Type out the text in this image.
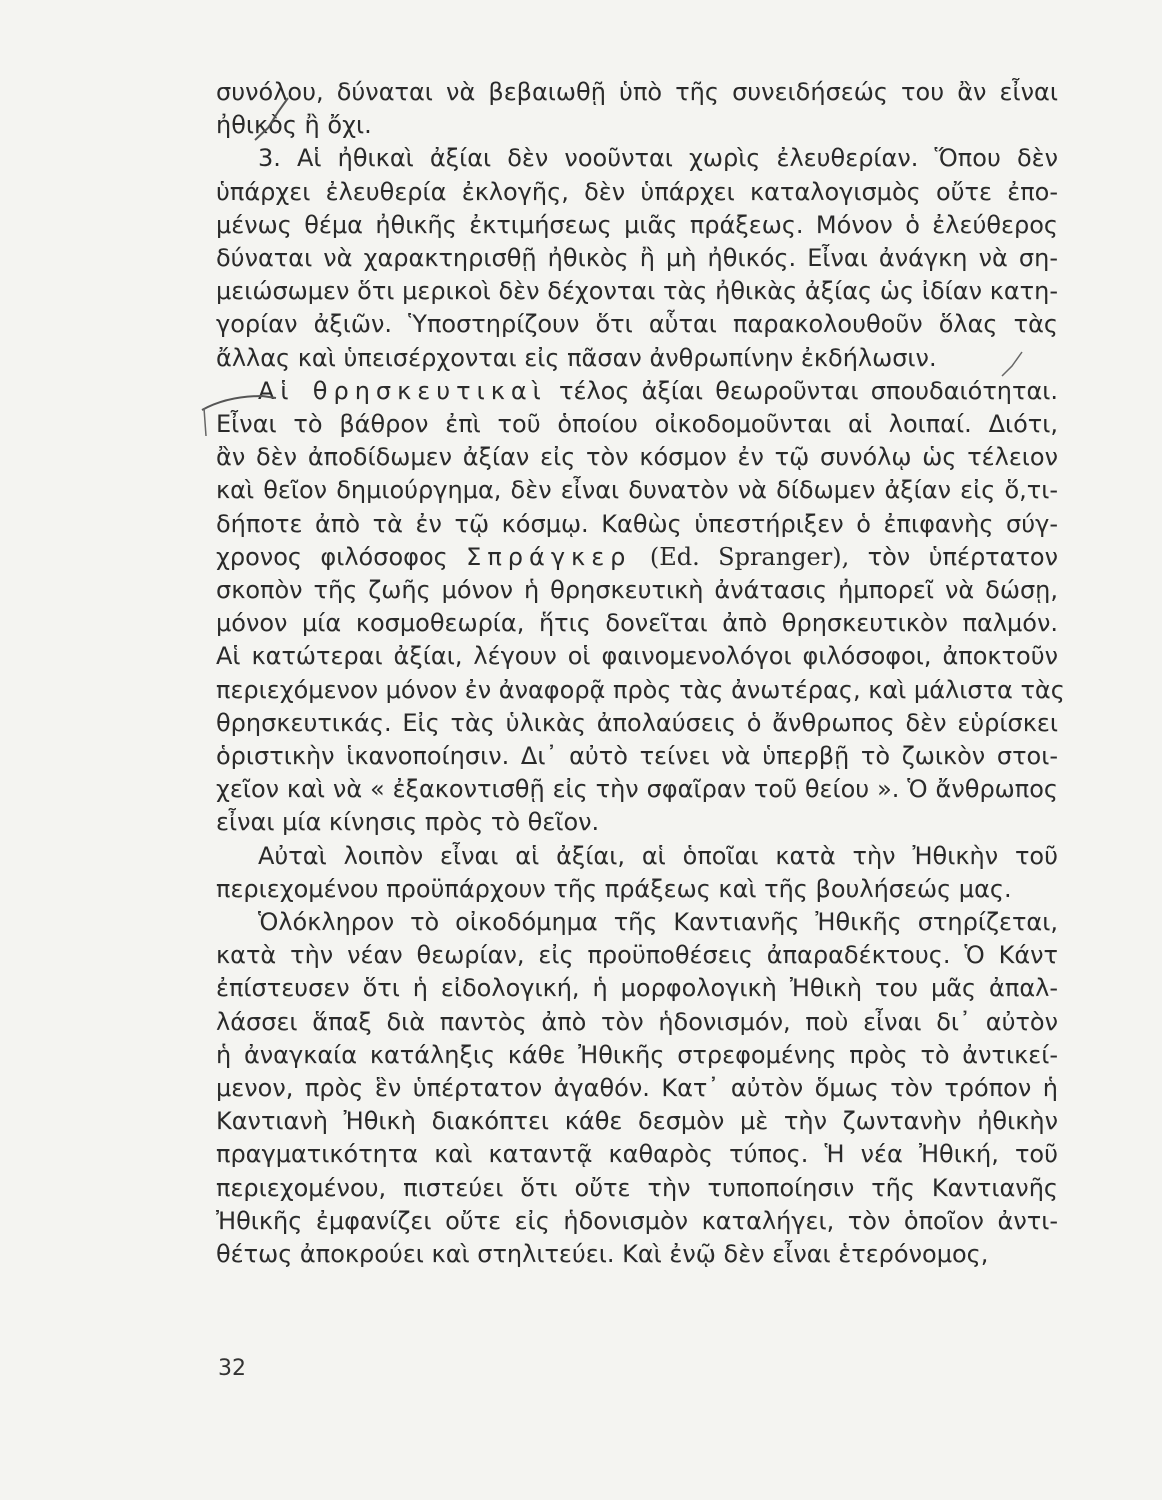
συνόλου, δύναται νὰ βεβαιωθῇ ὑπὸ τῆς συνειδήσεώς του ἂν εἶναι
ἠθικὸς ἢ ὄχι.
3. Αἱ ἠθικαὶ ἀξίαι δὲν νοοῦνται χωρὶς ἐλευθερίαν. Ὅπου δὲν
ὑπάρχει ἐλευθερία ἐκλογῆς, δὲν ὑπάρχει καταλογισμὸς οὔτε ἐπο-
μένως θέμα ἠθικῆς ἐκτιμήσεως μιᾶς πράξεως. Μόνον ὁ ἐλεύθερος
δύναται νὰ χαρακτηρισθῇ ἠθικὸς ἢ μὴ ἠθικός. Εἶναι ἀνάγκη νὰ ση-
μειώσωμεν ὅτι μερικοὶ δὲν δέχονται τὰς ἠθικὰς ἀξίας ὡς ἰδίαν κατη-
γορίαν ἀξιῶν. Ὑποστηρίζουν ὅτι αὗται παρακολουθοῦν ὅλας τὰς
ἄλλας καὶ ὑπεισέρχονται εἰς πᾶσαν ἀνθρωπίνην ἐκδήλωσιν.
Αἱ θρησκευτικαὶ τέλος ἀξίαι θεωροῦνται σπουδαιότηται.
Εἶναι τὸ βάθρον ἐπὶ τοῦ ὁποίου οἰκοδομοῦνται αἱ λοιπαί. Διότι,
ἂν δὲν ἀποδίδωμεν ἀξίαν εἰς τὸν κόσμον ἐν τῷ συνόλῳ ὡς τέλειον
καὶ θεῖον δημιούργημα, δὲν εἶναι δυνατὸν νὰ δίδωμεν ἀξίαν εἰς ὅ,τι-
δήποτε ἀπὸ τὰ ἐν τῷ κόσμῳ. Καθὼς ὑπεστήριξεν ὁ ἐπιφανὴς σύγ-
χρονος φιλόσοφος Σπράγκερ (Ed. Spranger), τὸν ὑπέρτατον
σκοπὸν τῆς ζωῆς μόνον ἡ θρησκευτικὴ ἀνάτασις ἠμπορεῖ νὰ δώσῃ,
μόνον μία κοσμοθεωρία, ἥτις δονεῖται ἀπὸ θρησκευτικὸν παλμόν.
Αἱ κατώτεραι ἀξίαι, λέγουν οἱ φαινομενολόγοι φιλόσοφοι, ἀποκτοῦν
περιεχόμενον μόνον ἐν ἀναφορᾷ πρὸς τὰς ἀνωτέρας, καὶ μάλιστα τὰς
θρησκευτικάς. Εἰς τὰς ὑλικὰς ἀπολαύσεις ὁ ἄνθρωπος δὲν εὑρίσκει
ὁριστικὴν ἱκανοποίησιν. Δι᾿ αὐτὸ τείνει νὰ ὑπερβῇ τὸ ζωικὸν στοι-
χεῖον καὶ νὰ « ἐξακοντισθῇ εἰς τὴν σφαῖραν τοῦ θείου ». Ὁ ἄνθρωπος
εἶναι μία κίνησις πρὸς τὸ θεῖον.
Αὐταὶ λοιπὸν εἶναι αἱ ἀξίαι, αἱ ὁποῖαι κατὰ τὴν Ἠθικὴν τοῦ
περιεχομένου προϋπάρχουν τῆς πράξεως καὶ τῆς βουλήσεώς μας.
32
Ὁλόκληρον τὸ οἰκοδόμημα τῆς Καντιανῆς Ἠθικῆς στηρίζεται,
κατὰ τὴν νέαν θεωρίαν, εἰς προϋποθέσεις ἀπαραδέκτους. Ὁ Κάντ
ἐπίστευσεν ὅτι ἡ εἰδολογική, ἡ μορφολογικὴ Ἠθικὴ του μᾶς ἀπαλ-
λάσσει ἅπαξ διὰ παντὸς ἀπὸ τὸν ἡδονισμόν, ποὺ εἶναι δι᾿ αὐτὸν
ἡ ἀναγκαία κατάληξις κάθε Ἠθικῆς στρεφομένης πρὸς τὸ ἀντικεί-
μενον, πρὸς ἓν ὑπέρτατον ἀγαθόν. Κατ᾿ αὐτὸν ὅμως τὸν τρόπον ἡ
Καντιανὴ Ἠθικὴ διακόπτει κάθε δεσμὸν μὲ τὴν ζωντανὴν ἠθικὴν
πραγματικότητα καὶ καταντᾷ καθαρὸς τύπος. Ἡ νέα Ἠθική, τοῦ
περιεχομένου, πιστεύει ὅτι οὔτε τὴν τυποποίησιν τῆς Καντιανῆς
Ἠθικῆς ἐμφανίζει οὔτε εἰς ἡδονισμὸν καταλήγει, τὸν ὁποῖον ἀντι-
θέτως ἀποκρούει καὶ στηλιτεύει. Καὶ ἐνῷ δὲν εἶναι ἑτερόνομος,
